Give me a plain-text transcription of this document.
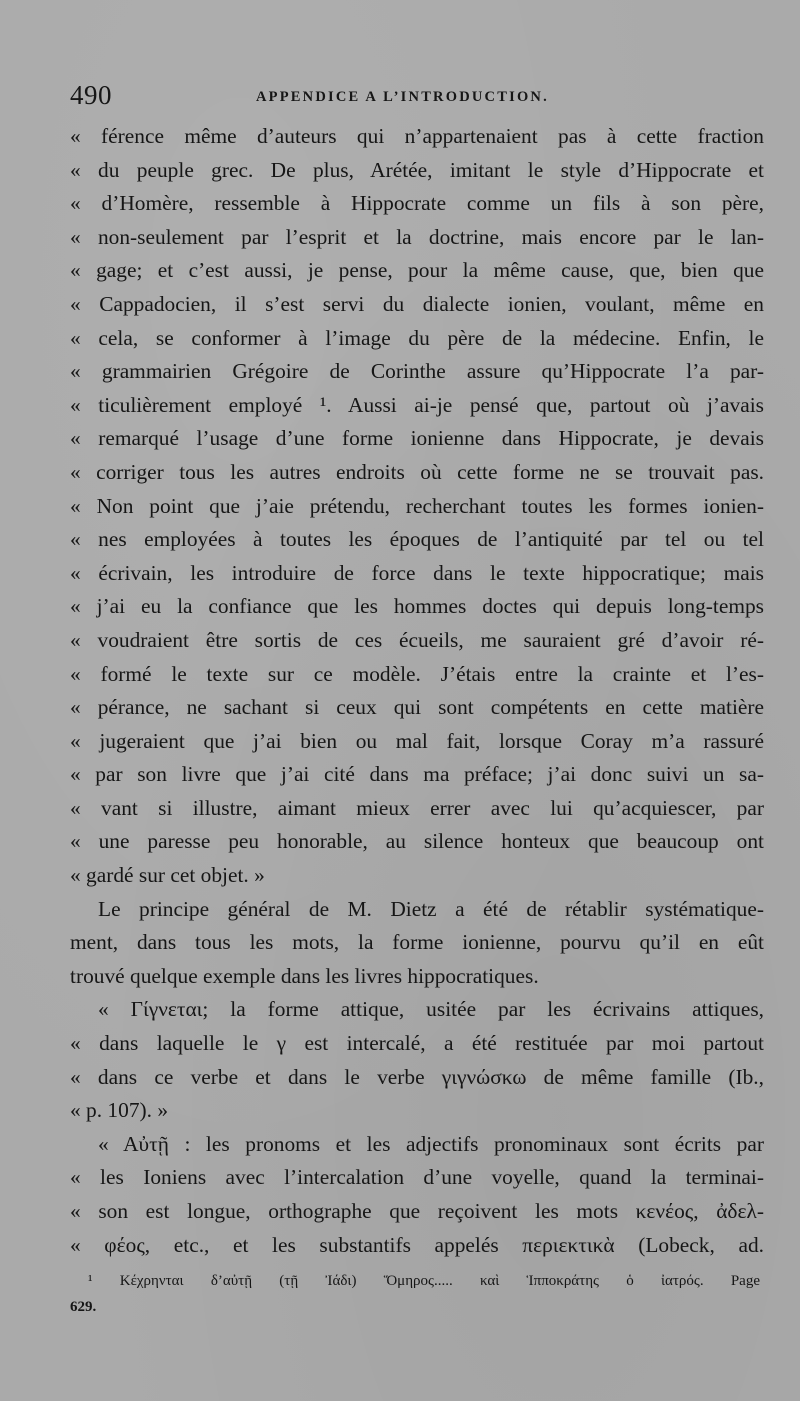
490	APPENDICE A L’INTRODUCTION.
« férence même d’auteurs qui n’appartenaient pas à cette fraction
« du peuple grec. De plus, Arétée, imitant le style d’Hippocrate et
« d’Homère, ressemble à Hippocrate comme un fils à son père,
« non-seulement par l’esprit et la doctrine, mais encore par le lan-
« gage; et c’est aussi, je pense, pour la même cause, que, bien que
« Cappadocien, il s’est servi du dialecte ionien, voulant, même en
« cela, se conformer à l’image du père de la médecine. Enfin, le
« grammairien Grégoire de Corinthe assure qu’Hippocrate l’a par-
« ticulièrement employé ¹. Aussi ai-je pensé que, partout où j’avais
« remarqué l’usage d’une forme ionienne dans Hippocrate, je devais
« corriger tous les autres endroits où cette forme ne se trouvait pas.
« Non point que j’aie prétendu, recherchant toutes les formes ionien-
« nes employées à toutes les époques de l’antiquité par tel ou tel
« écrivain, les introduire de force dans le texte hippocratique; mais
« j’ai eu la confiance que les hommes doctes qui depuis long-temps
« voudraient être sortis de ces écueils, me sauraient gré d’avoir ré-
« formé le texte sur ce modèle. J’étais entre la crainte et l’es-
« pérance, ne sachant si ceux qui sont compétents en cette matière
« jugeraient que j’ai bien ou mal fait, lorsque Coray m’a rassuré
« par son livre que j’ai cité dans ma préface; j’ai donc suivi un sa-
« vant si illustre, aimant mieux errer avec lui qu’acquiescer, par
« une paresse peu honorable, au silence honteux que beaucoup ont
« gardé sur cet objet. »
Le principe général de M. Dietz a été de rétablir systématique-
ment, dans tous les mots, la forme ionienne, pourvu qu’il en eût
trouvé quelque exemple dans les livres hippocratiques.
« Γίγνεται; la forme attique, usitée par les écrivains attiques,
« dans laquelle le γ est intercalé, a été restituée par moi partout
« dans ce verbe et dans le verbe γιγνώσκω de même famille (Ib.,
« p. 107). »
« Αὐτῇ : les pronoms et les adjectifs pronominaux sont écrits par
« les Ioniens avec l’intercalation d’une voyelle, quand la terminai-
« son est longue, orthographe que reçoivent les mots κενέος, ἀδελ-
« φέος, etc., et les substantifs appelés περιεκτικὰ (Lobeck, ad.
¹ Κέχρηνται δ’αὐτῇ (τῇ Ἰάδι) Ὅμηρος..... καὶ Ἱπποκράτης ὁ ἰατρός. Page
629.
